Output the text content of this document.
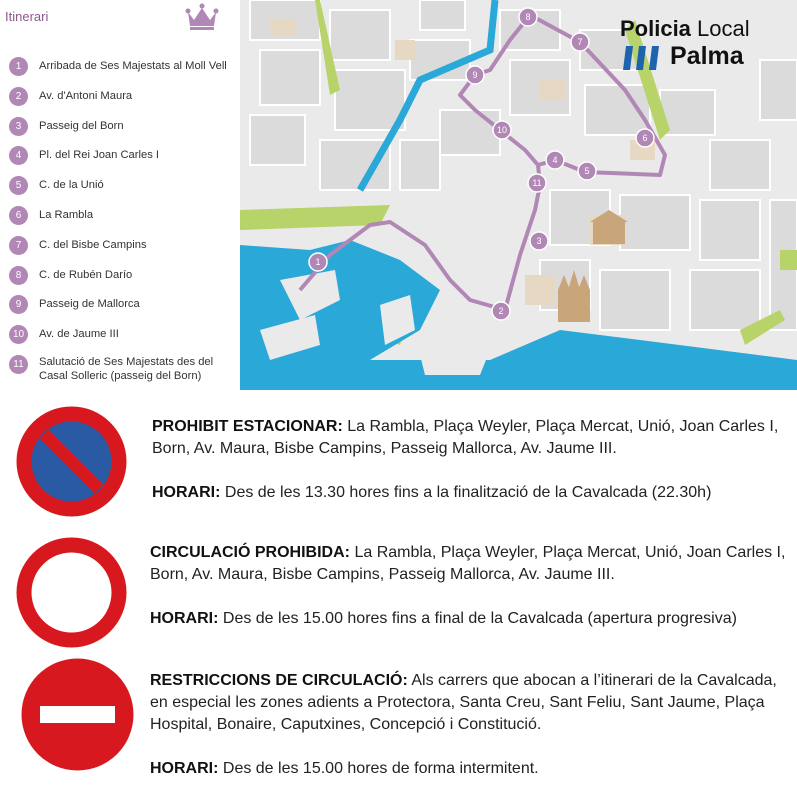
Itinerari
1	Arribada de Ses Majestats al Moll Vell
2	Av. d'Antoni Maura
3	Passeig del Born
4	Pl. del Rei Joan Carles I
5	C. de la Unió
6	La Rambla
7	C. del Bisbe Campins
8	C. de Rubén Darío
9	Passeig de Mallorca
10	Av. de Jaume III
11	Salutació de Ses Majestats des del Casal Solleric (passeig del Born)
1
2
3
4
5
6
7
8
9
10
11
Policia Local
Palma
PROHIBIT ESTACIONAR: La Rambla, Plaça Weyler, Plaça Mercat, Unió, Joan Carles I, Born, Av. Maura, Bisbe Campins, Passeig Mallorca, Av. Jaume III.
HORARI: Des de les 13.30 hores fins a la finalització de la Cavalcada (22.30h)
CIRCULACIÓ PROHIBIDA: La Rambla, Plaça Weyler, Plaça Mercat, Unió, Joan Carles I, Born, Av. Maura, Bisbe Campins, Passeig Mallorca, Av. Jaume III.
HORARI: Des de les 15.00 hores fins a final de la Cavalcada (apertura progresiva)
RESTRICCIONS DE CIRCULACIÓ: Als carrers que abocan a l’itinerari de la Cavalcada, en especial les zones adients a Protectora, Santa Creu, Sant Feliu, Sant Jaume, Plaça Hospital, Bonaire, Caputxines, Concepció i Constitució.
HORARI: Des de les 15.00 hores de forma intermitent.
